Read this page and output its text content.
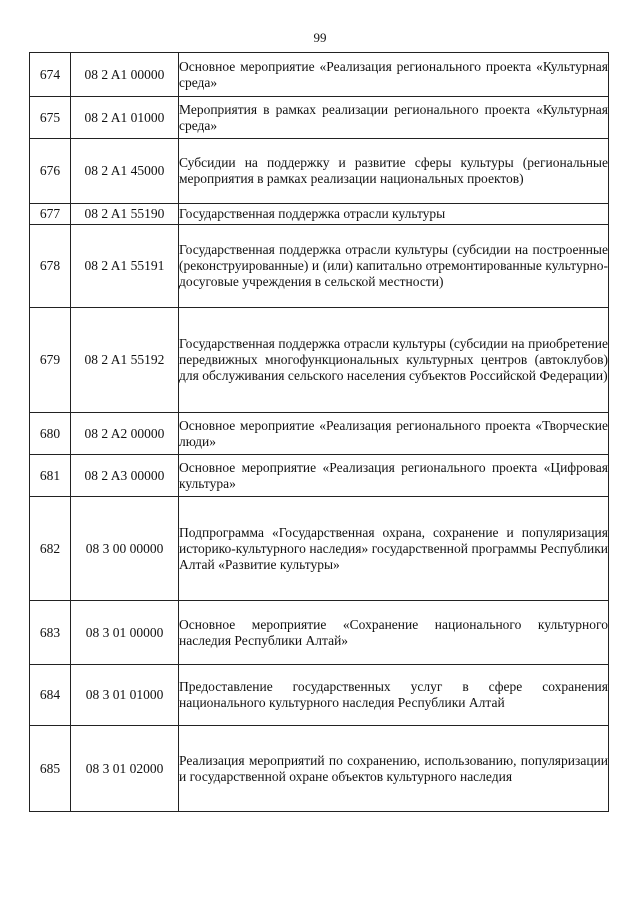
99
674	08 2 A1 00000	Основное мероприятие «Реализация регионального проекта «Культурная среда»
675	08 2 A1 01000	Мероприятия в рамках реализации регионального проекта «Культурная среда»
676	08 2 A1 45000	Субсидии на поддержку и развитие сферы культуры (региональные мероприятия в рамках реализации национальных проектов)
677	08 2 A1 55190	Государственная поддержка отрасли культуры
678	08 2 A1 55191	Государственная поддержка отрасли культуры (субсидии на построенные (реконструированные) и (или) капитально отремонтированные культурно-досуговые учреждения в сельской местности)
679	08 2 A1 55192	Государственная поддержка отрасли культуры (субсидии на приобретение передвижных многофункциональных культурных центров (автоклубов) для обслуживания сельского населения субъектов Российской Федерации)
680	08 2 A2 00000	Основное мероприятие «Реализация регионального проекта «Творческие люди»
681	08 2 A3 00000	Основное мероприятие «Реализация регионального проекта «Цифровая культура»
682	08 3 00 00000	Подпрограмма «Государственная охрана, сохранение и популяризация историко-культурного наследия» государственной программы Республики Алтай «Развитие культуры»
683	08 3 01 00000	Основное мероприятие «Сохранение национального культурного наследия Республики Алтай»
684	08 3 01 01000	Предоставление государственных услуг в сфере сохранения национального культурного наследия Республики Алтай
685	08 3 01 02000	Реализация мероприятий по сохранению, использованию, популяризации и государственной охране объектов культурного наследия
